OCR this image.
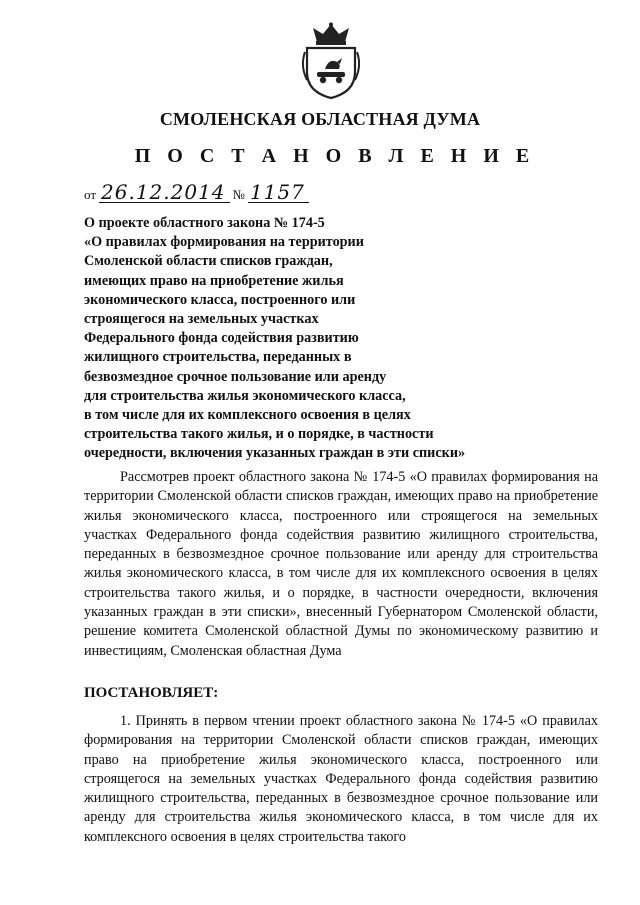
СМОЛЕНСКАЯ ОБЛАСТНАЯ ДУМА
П О С Т А Н О В Л Е Н И Е
от 26.12.2014 № 1157
О проекте областного закона № 174-5
«О правилах формирования на территории
Смоленской области списков граждан,
имеющих право на приобретение жилья
экономического класса, построенного или
строящегося на земельных участках
Федерального фонда содействия развитию
жилищного строительства, переданных в
безвозмездное срочное пользование или аренду
для строительства жилья экономического класса,
в том числе для их комплексного освоения в целях
строительства такого жилья, и о порядке, в частности
очередности, включения указанных граждан в эти списки»

Рассмотрев проект областного закона № 174-5 «О правилах формирования на территории Смоленской области списков граждан, имеющих право на приобретение жилья экономического класса, построенного или строящегося на земельных участках Федерального фонда содействия развитию жилищного строительства, переданных в безвозмездное срочное пользование или аренду для строительства жилья экономического класса, в том числе для их комплексного освоения в целях строительства такого жилья, и о порядке, в частности очередности, включения указанных граждан в эти списки», внесенный Губернатором Смоленской области, решение комитета Смоленской областной Думы по экономическому развитию и инвестициям, Смоленская областная Дума

ПОСТАНОВЛЯЕТ:

1. Принять в первом чтении проект областного закона № 174-5 «О правилах формирования на территории Смоленской области списков граждан, имеющих право на приобретение жилья экономического класса, построенного или строящегося на земельных участках Федерального фонда содействия развитию жилищного строительства, переданных в безвозмездное срочное пользование или аренду для строительства жилья экономического класса, в том числе для их комплексного освоения в целях строительства такого
